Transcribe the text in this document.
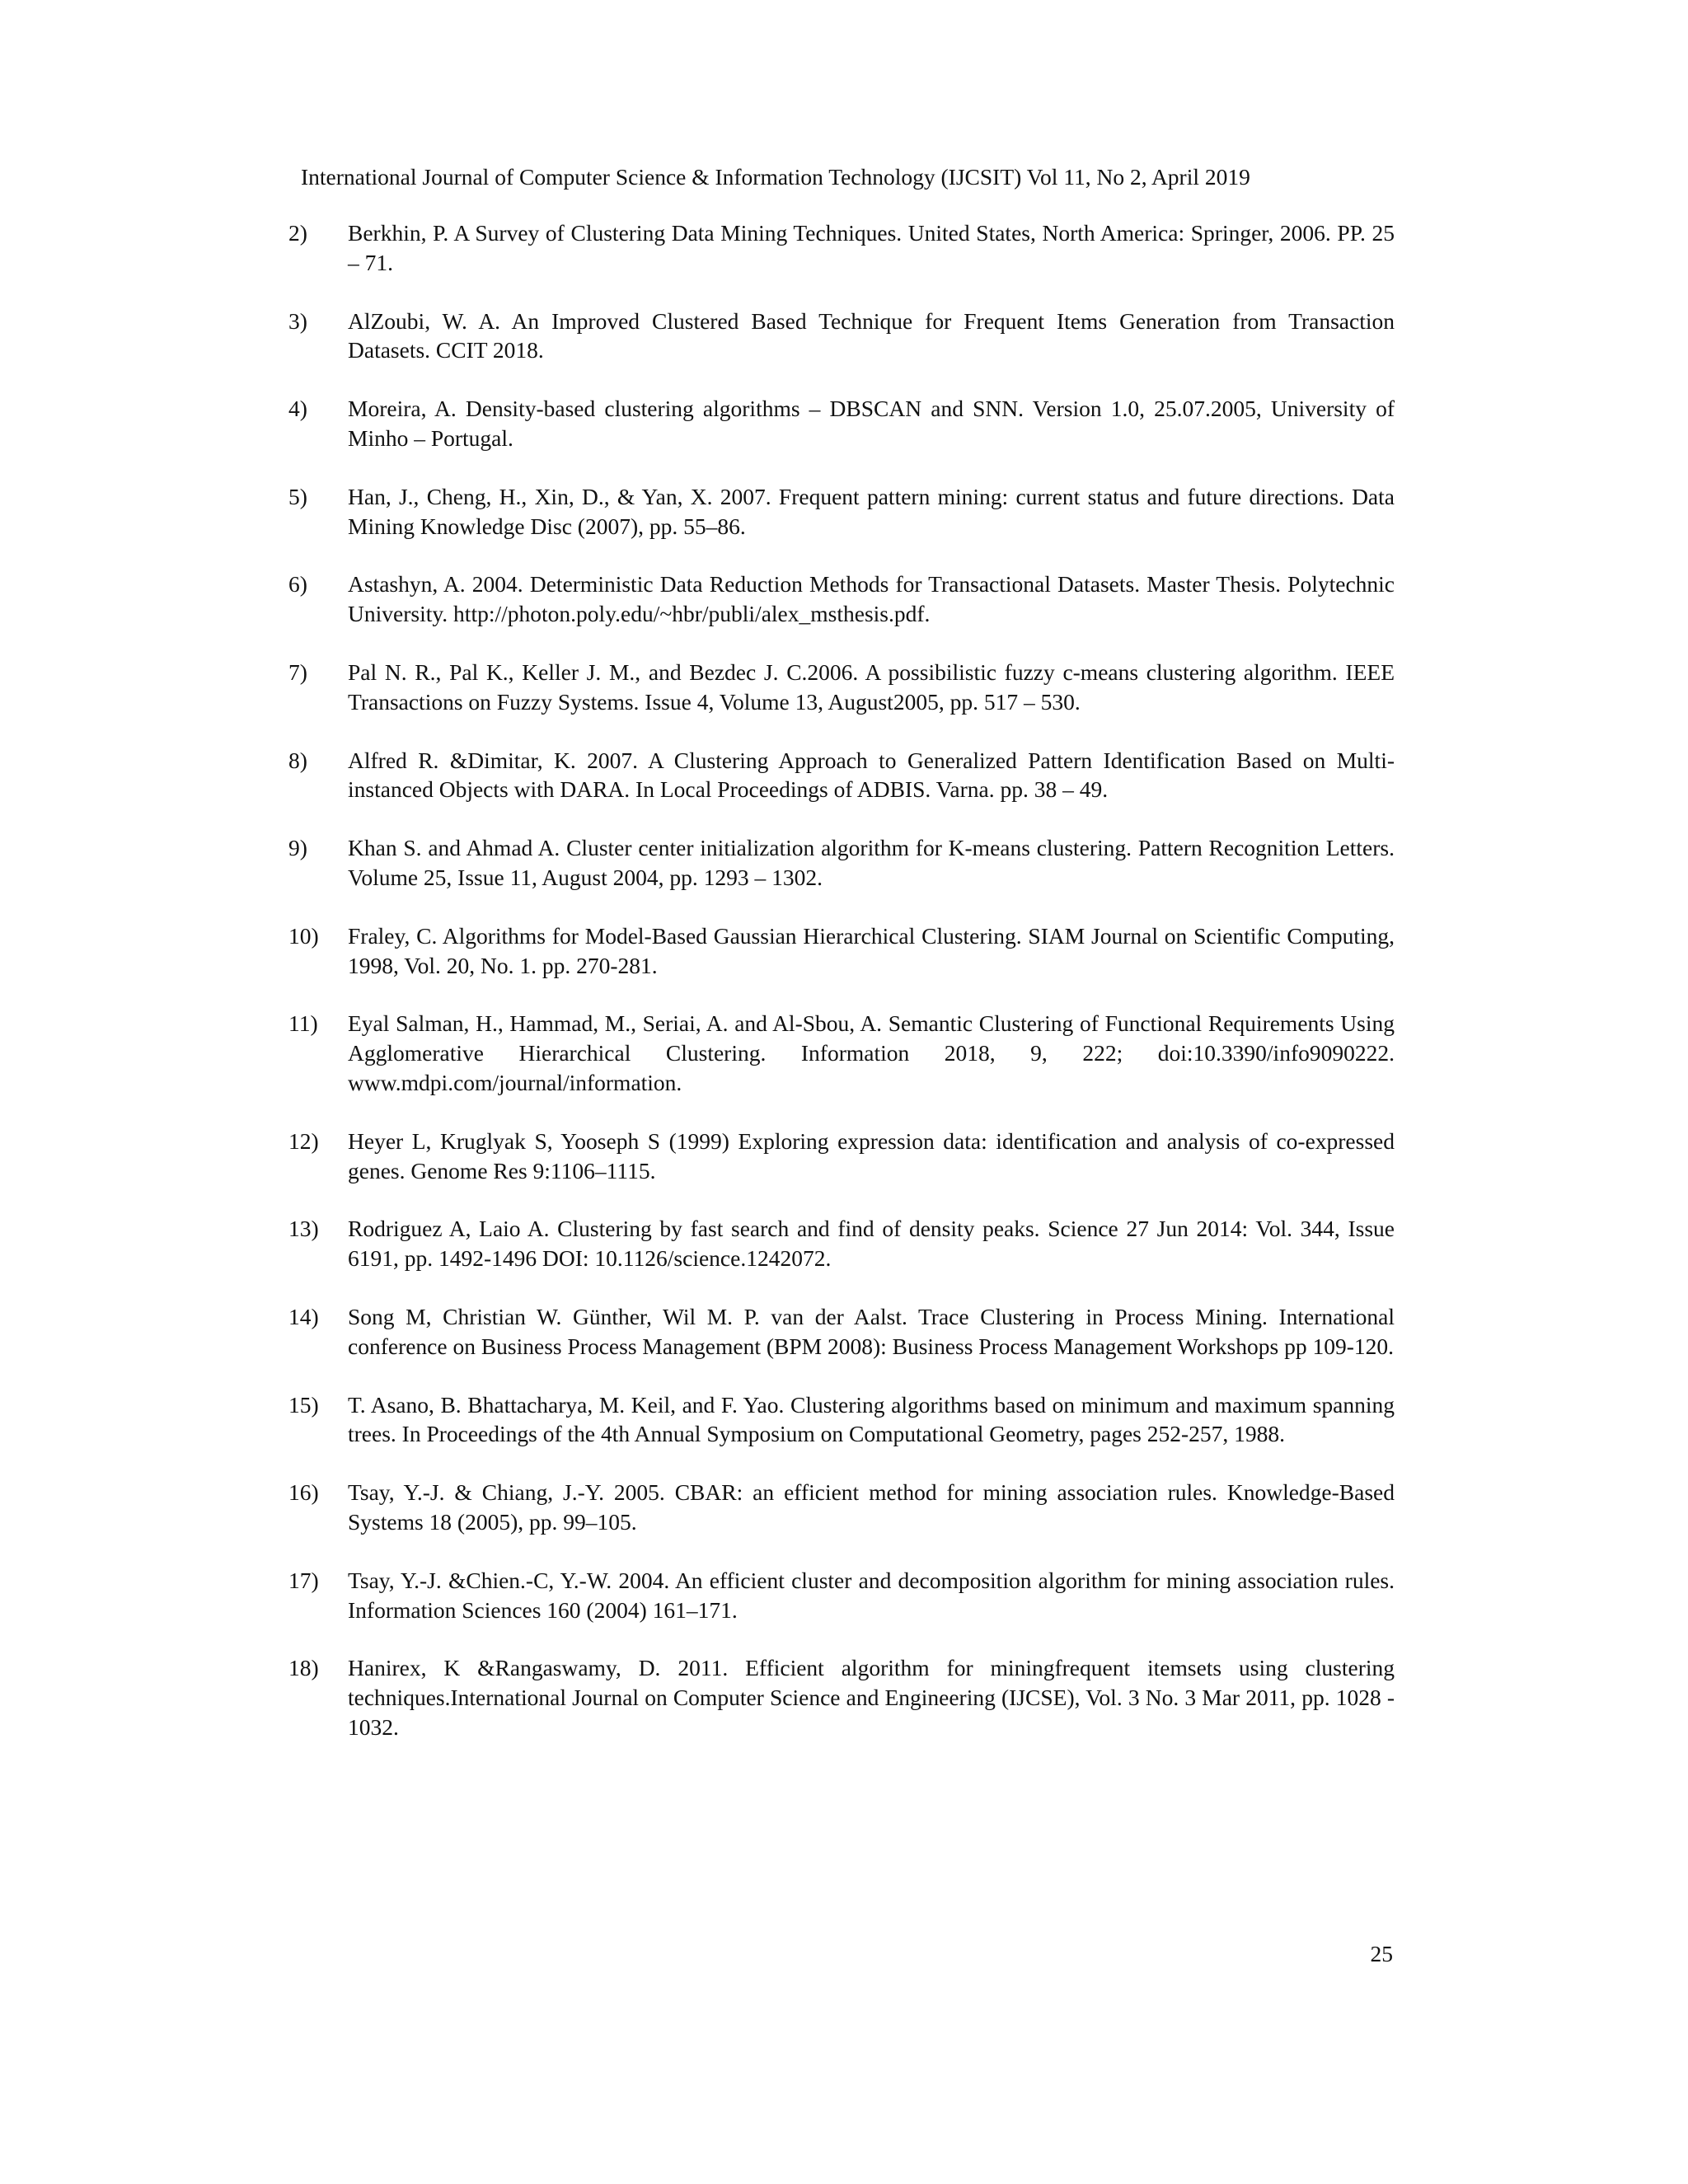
International Journal of Computer Science & Information Technology (IJCSIT) Vol 11, No 2, April 2019
2)	Berkhin, P. A Survey of Clustering Data Mining Techniques. United States, North America: Springer, 2006. PP. 25 – 71.
3)	AlZoubi, W. A. An Improved Clustered Based Technique for Frequent Items Generation from Transaction Datasets. CCIT 2018.
4)	Moreira, A. Density-based clustering algorithms – DBSCAN and SNN. Version 1.0, 25.07.2005, University of Minho – Portugal.
5)	Han, J., Cheng, H., Xin, D., & Yan, X. 2007. Frequent pattern mining: current status and future directions. Data Mining Knowledge Disc (2007), pp. 55–86.
6)	Astashyn, A. 2004. Deterministic Data Reduction Methods for Transactional Datasets. Master Thesis. Polytechnic University. http://photon.poly.edu/~hbr/publi/alex_msthesis.pdf.
7)	Pal N. R., Pal K., Keller J. M., and Bezdec J. C.2006. A possibilistic fuzzy c-means clustering algorithm. IEEE Transactions on Fuzzy Systems. Issue 4, Volume 13, August2005, pp. 517 – 530.
8)	Alfred R. &Dimitar, K. 2007. A Clustering Approach to Generalized Pattern Identification Based on Multi-instanced Objects with DARA. In Local Proceedings of ADBIS. Varna. pp. 38 – 49.
9)	Khan S. and Ahmad A. Cluster center initialization algorithm for K-means clustering. Pattern Recognition Letters. Volume 25, Issue 11, August 2004, pp. 1293 – 1302.
10)	Fraley, C. Algorithms for Model-Based Gaussian Hierarchical Clustering. SIAM Journal on Scientific Computing, 1998, Vol. 20, No. 1. pp. 270-281.
11)	Eyal Salman, H., Hammad, M., Seriai, A. and Al-Sbou, A. Semantic Clustering of Functional Requirements Using Agglomerative Hierarchical Clustering. Information 2018, 9, 222; doi:10.3390/info9090222. www.mdpi.com/journal/information.
12)	Heyer L, Kruglyak S, Yooseph S (1999) Exploring expression data: identification and analysis of co-expressed genes. Genome Res 9:1106–1115.
13)	Rodriguez A, Laio A. Clustering by fast search and find of density peaks. Science 27 Jun 2014: Vol. 344, Issue 6191, pp. 1492-1496 DOI: 10.1126/science.1242072.
14)	Song M, Christian W. Günther, Wil M. P. van der Aalst. Trace Clustering in Process Mining. International conference on Business Process Management (BPM 2008): Business Process Management Workshops pp 109-120.
15)	T. Asano, B. Bhattacharya, M. Keil, and F. Yao. Clustering algorithms based on minimum and maximum spanning trees. In Proceedings of the 4th Annual Symposium on Computational Geometry, pages 252-257, 1988.
16)	Tsay, Y.-J. & Chiang, J.-Y. 2005. CBAR: an efficient method for mining association rules. Knowledge-Based Systems 18 (2005), pp. 99–105.
17)	Tsay, Y.-J. &Chien.-C, Y.-W. 2004. An efficient cluster and decomposition algorithm for mining association rules. Information Sciences 160 (2004) 161–171.
18)	Hanirex, K &Rangaswamy, D. 2011. Efficient algorithm for miningfrequent itemsets using clustering techniques.International Journal on Computer Science and Engineering (IJCSE), Vol. 3 No. 3 Mar 2011, pp. 1028 - 1032.
25
